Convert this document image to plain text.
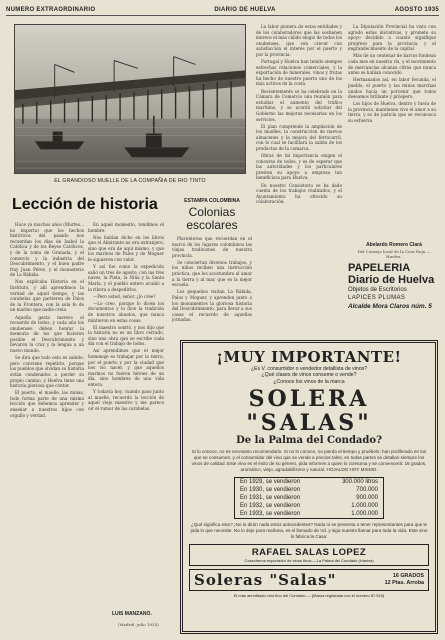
NUMERO EXTRAORDINARIO	DIARIO DE HUELVA	AGOSTO 1935
EL GRANDIOSO MUELLE DE LA COMPAÑIA DE RIO TINTO
Lección de historia

Hace ya muchos años (Martes... no importa) que los hechos históricos del pasado nos recuerdan los días de Isabel la Católica y de los Reyes Católicos, y de la toma de Granada, y el comercio y la industria del Descubrimiento, y el buen padre fray Juan Pérez, y el monasterio de La Rábida.

Nos explicaba Historia en el Instituto, y allí aprendimos la verdad de aquel tiempo, y las carabelas que partieron de Palos de la Frontera, con la sola fe de un marino que nadie creía.

Aquella gesta merece el recuerdo de todos, y cada año los onubenses deben honrar la memoria de los que hicieron posible el Descubrimiento y llevaron la cruz y la lengua a un nuevo mundo.

Se dirá que todo esto es sabido; pero conviene repetirlo, porque los pueblos que olvidan su historia están condenados a perder su propio camino, y Huelva tiene una historia gloriosa que contar.

El puerto, el muelle, las minas, todo forma parte de una misma lección que debemos aprender y enseñar a nuestros hijos con orgullo y verdad.

En aquel momento, tendimos el hombre.

Nos habían dicho en los libros que el Almirante no era extranjero, sino que era de aquí mismo, y que los marinos de Palos y de Moguer le siguieron con valor.

Y así fue como la expedición salió un tres de agosto, con las tres naves, la Pinta, la Niña y la Santa María, y el pueblo entero acudió a la ribera a despedirlos.

—Pero usted, señor, ¿lo cree?

—Lo creo, porque lo dicen los documentos y lo dice la tradición de nuestros abuelos, que nunca mintieron en estas cosas.

El maestro sonrió, y nos dijo que la historia no es un libro cerrado, sino una obra que se escribe cada día con el trabajo de todos.

Así aprendimos que el mejor homenaje es trabajar por la tierra, por el puerto y por la ciudad que nos vio nacer, y que aquellos marinos no fueron héroes de un día, sino hombres de una vida entera.

Y todavía hoy, cuando paso junto al muelle, recuerdo la lección de aquel viejo maestro y me parece oír el rumor de las carabelas.

LUIS MANZANO.
(Madrid, julio 1935)
ESTAMPA COLOMBINA
Colonias escolares

Placenteras que recuerdan en el marco de los lugares colombinos las viejas tradiciones de nuestra provincia.

Se conciertan diversos trabajos, y los niños reciben una instrucción práctica, que los acostumbra al amor a la tierra y al mar, que es la mejor escuela.

Los pequeños visitan La Rábida, Palos y Moguer, y aprenden junto a los monumentos la gloriosa historia del Descubrimiento, para llevar a sus casas el recuerdo de aquellas jornadas.

La labor pionera de estas entidades y de los colaboradores que las sostienen merece el más cálido elogio de todos los onubenses, que ven crecer con satisfacción el interés por el puerto y por la provincia.

Portugal y Huelva han tenido siempre estrechas relaciones comerciales, y la exportación de minerales, vinos y frutas ha hecho de nuestro puerto uno de los más activos de la costa.

Recientemente se ha celebrado en la Cámara de Comercio una reunión para estudiar el aumento del tráfico marítimo, y se acordó solicitar del Gobierno las mejoras necesarias en los servicios.

El plan comprende la ampliación de los muelles, la construcción de nuevos almacenes y la mejora del ferrocarril, con lo cual se facilitará la salida de los productos de la comarca.

Obras de tal importancia exigen el concurso de todos, y es de esperar que las autoridades y los particulares presten su apoyo a empresa tan beneficiosa para Huelva.

En nuestro Consistorio se ha dado cuenta de los trabajos realizados, y el Ayuntamiento ha ofrecido su colaboración.

La Diputación Provincial ha visto con agrado estas iniciativas, y promete su apoyo decidido a cuanto signifique progreso para la provincia, y el engrandecimiento de la capital.

Más de un centenar de barcos fondean cada mes en nuestra ría, y el movimiento de mercancías alcanza cifras que nunca antes se habían conocido.

Hermanados así, en labor fecunda, el pueblo, el puerto y las minas marchan unidos hacia un porvenir que todos deseamos brillante y próspero.

Los hijos de Huelva, dentro y fuera de la provincia, mantienen vivo el amor a su tierra, y es de justicia que se reconozca su esfuerzo.

Abelardo Romero Clará
Del Consejo local de la Cruz Roja.—Huelva.
PAPELERIA
Diario de Huelva
Objetos de Escritorios
LAPICES PLUMAS
Alcalde Mora Claros núm. 5
¡MUY IMPORTANTE!
¿Es V. consumidor o vendedor detallista de vinos?
¿Qué clases de vinos consume o vende?
¿Conoce los vinos de la marca
SOLERA "SALAS"
De la Palma del Condado?
Si lo conoce, no es necesario recomendarlo. Si no lo conoce, no pierda el tiempo y pruébelo; han proliferado en los que se consumen, y el consumidor del vino que se vende a precios tales, en todas partes se detallan siempre los vinos de calidad. Este vino es el éxito de su género, pida informes a quien lo consuma y se convencerá: 16 grados, aromático, viejo, agradabilísimo y natural. HOJALDO HOY MISMO.
En 1929, se vendieron	300.000 litros
En 1930, se vendieron	700.000
En 1931, se vendieron	900.000
En 1932, se vendieron	1.000.000
En 1933, se vendieron	1.000.000
¿Qué significa esto? ¡No lo dirán nada estos antecedentes? Nada ni se presenta a tener representantes para que le pida lo que necesite. No lo deje para mañana, es el llamado de Vd. y siga nuestro llamar para toda la vida. Este vino lo fabrica la Casa:
RAFAEL SALAS LOPEZ
Cosecheros exportador de vinos finos.—La Palma del Condado (Huelva)
Soleras "Salas"	16 GRADOS
12 Ptas. Arroba
El más acreditado vino fino del Condado — (Marca registrada con el número 87.919)
